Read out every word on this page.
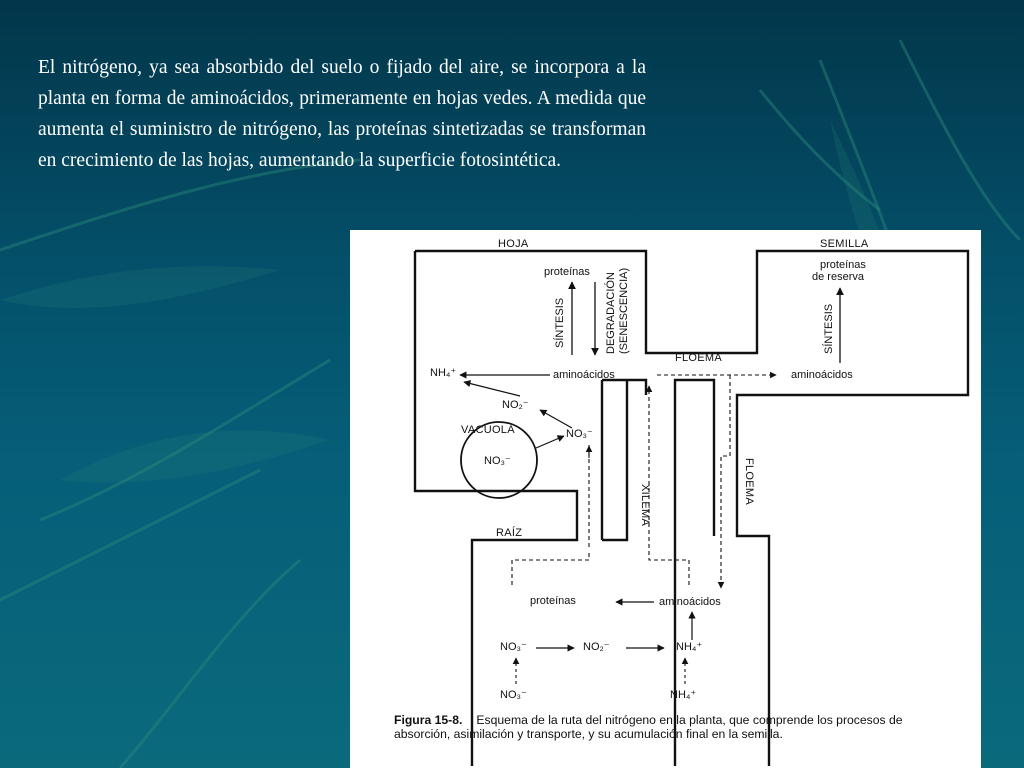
El nitrógeno, ya sea absorbido del suelo o fijado del aire, se incorpora a la planta en forma de aminoácidos, primeramente en hojas vedes. A medida que aumenta el suministro de nitrógeno, las proteínas sintetizadas se transforman en crecimiento de las hojas, aumentando la superficie fotosintética.
HOJA	SEMILLA
RAÍZ
FLOEMA
proteínas
SÍNTESIS	DEGRADACIÓN (SENESCENCIA)
NH₄⁺	aminoácidos	aminoácidos
NO₂⁻
NO₃⁻
VACUOLA
NO₃⁻
XILEMA
FLOEMA
proteínas
de reserva
SÍNTESIS
proteínas	aminoácidos
NO₃⁻	NO₂⁻	NH₄⁺
NO₃⁻	NH₄⁺
Figura 15-8. Esquema de la ruta del nitrógeno en la planta, que comprende los procesos de absorción, asimilación y transporte, y su acumulación final en la semilla.
